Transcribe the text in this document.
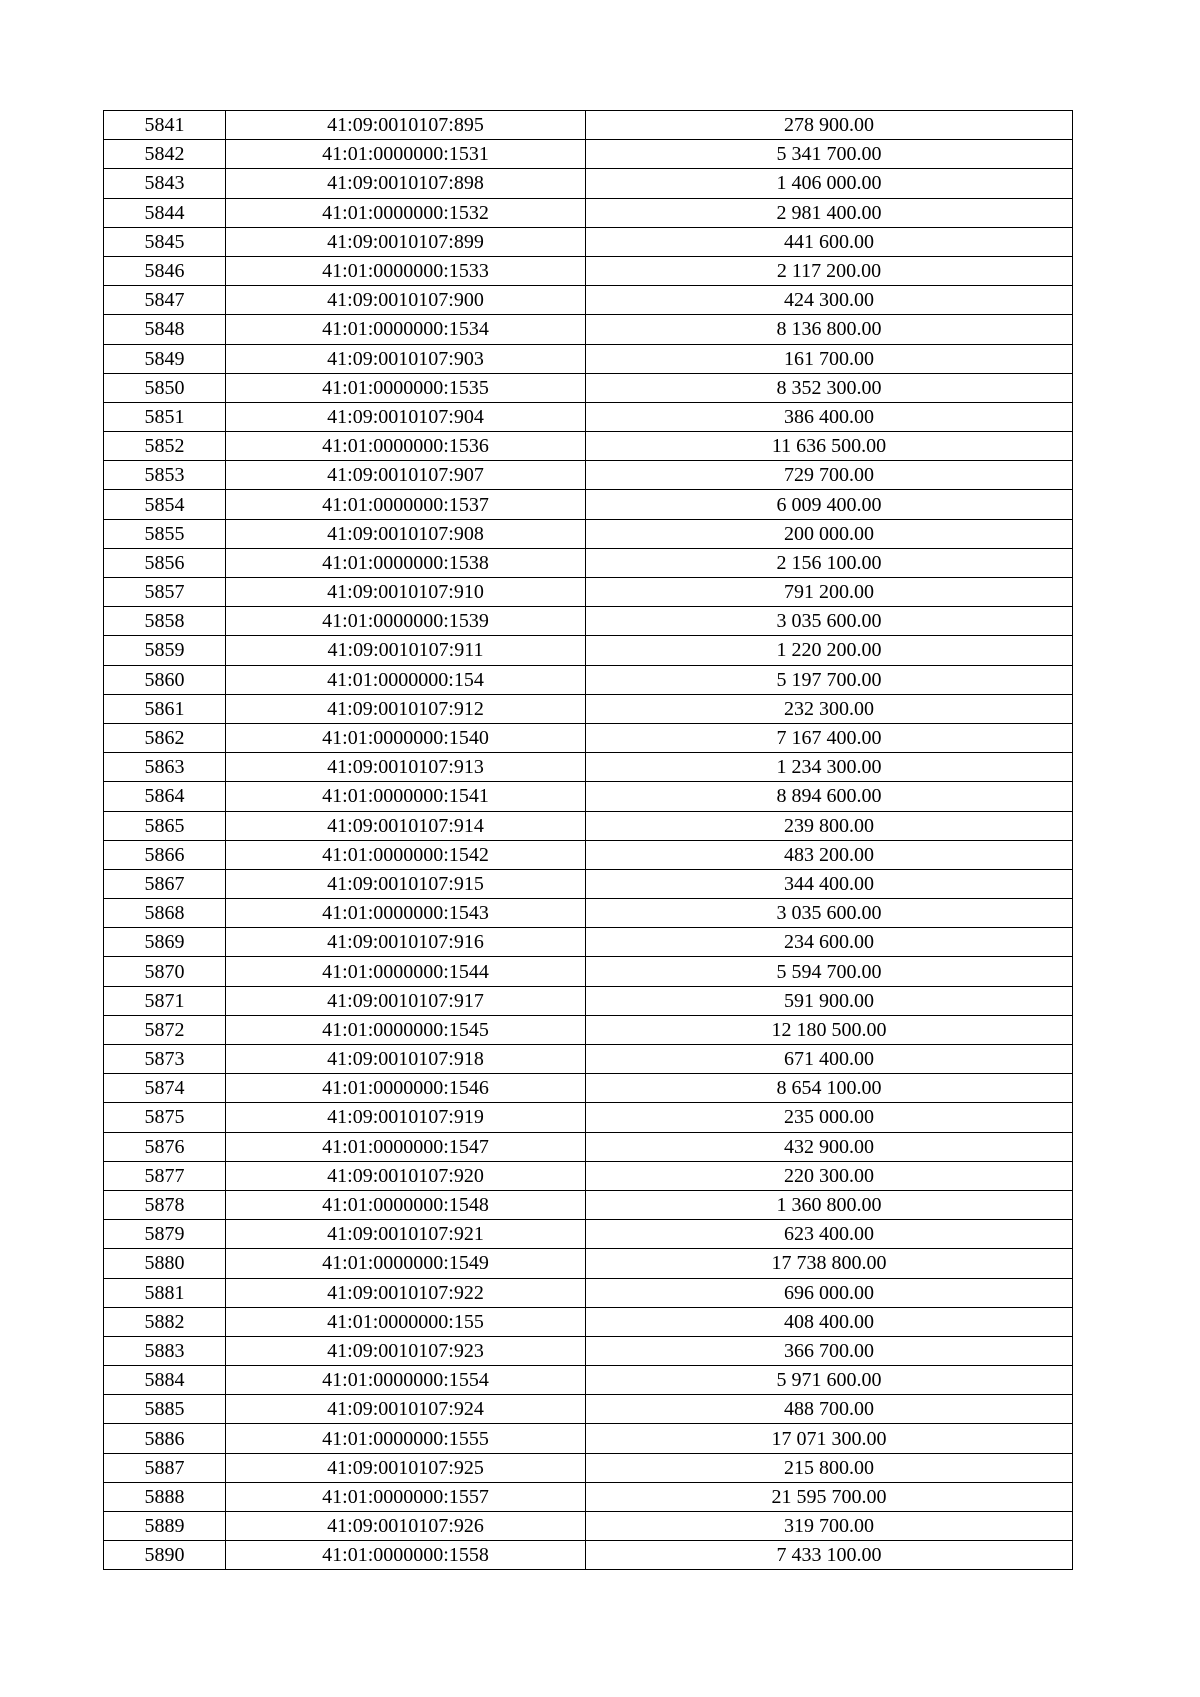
5841	41:09:0010107:895	278 900.00
5842	41:01:0000000:1531	5 341 700.00
5843	41:09:0010107:898	1 406 000.00
5844	41:01:0000000:1532	2 981 400.00
5845	41:09:0010107:899	441 600.00
5846	41:01:0000000:1533	2 117 200.00
5847	41:09:0010107:900	424 300.00
5848	41:01:0000000:1534	8 136 800.00
5849	41:09:0010107:903	161 700.00
5850	41:01:0000000:1535	8 352 300.00
5851	41:09:0010107:904	386 400.00
5852	41:01:0000000:1536	11 636 500.00
5853	41:09:0010107:907	729 700.00
5854	41:01:0000000:1537	6 009 400.00
5855	41:09:0010107:908	200 000.00
5856	41:01:0000000:1538	2 156 100.00
5857	41:09:0010107:910	791 200.00
5858	41:01:0000000:1539	3 035 600.00
5859	41:09:0010107:911	1 220 200.00
5860	41:01:0000000:154	5 197 700.00
5861	41:09:0010107:912	232 300.00
5862	41:01:0000000:1540	7 167 400.00
5863	41:09:0010107:913	1 234 300.00
5864	41:01:0000000:1541	8 894 600.00
5865	41:09:0010107:914	239 800.00
5866	41:01:0000000:1542	483 200.00
5867	41:09:0010107:915	344 400.00
5868	41:01:0000000:1543	3 035 600.00
5869	41:09:0010107:916	234 600.00
5870	41:01:0000000:1544	5 594 700.00
5871	41:09:0010107:917	591 900.00
5872	41:01:0000000:1545	12 180 500.00
5873	41:09:0010107:918	671 400.00
5874	41:01:0000000:1546	8 654 100.00
5875	41:09:0010107:919	235 000.00
5876	41:01:0000000:1547	432 900.00
5877	41:09:0010107:920	220 300.00
5878	41:01:0000000:1548	1 360 800.00
5879	41:09:0010107:921	623 400.00
5880	41:01:0000000:1549	17 738 800.00
5881	41:09:0010107:922	696 000.00
5882	41:01:0000000:155	408 400.00
5883	41:09:0010107:923	366 700.00
5884	41:01:0000000:1554	5 971 600.00
5885	41:09:0010107:924	488 700.00
5886	41:01:0000000:1555	17 071 300.00
5887	41:09:0010107:925	215 800.00
5888	41:01:0000000:1557	21 595 700.00
5889	41:09:0010107:926	319 700.00
5890	41:01:0000000:1558	7 433 100.00
